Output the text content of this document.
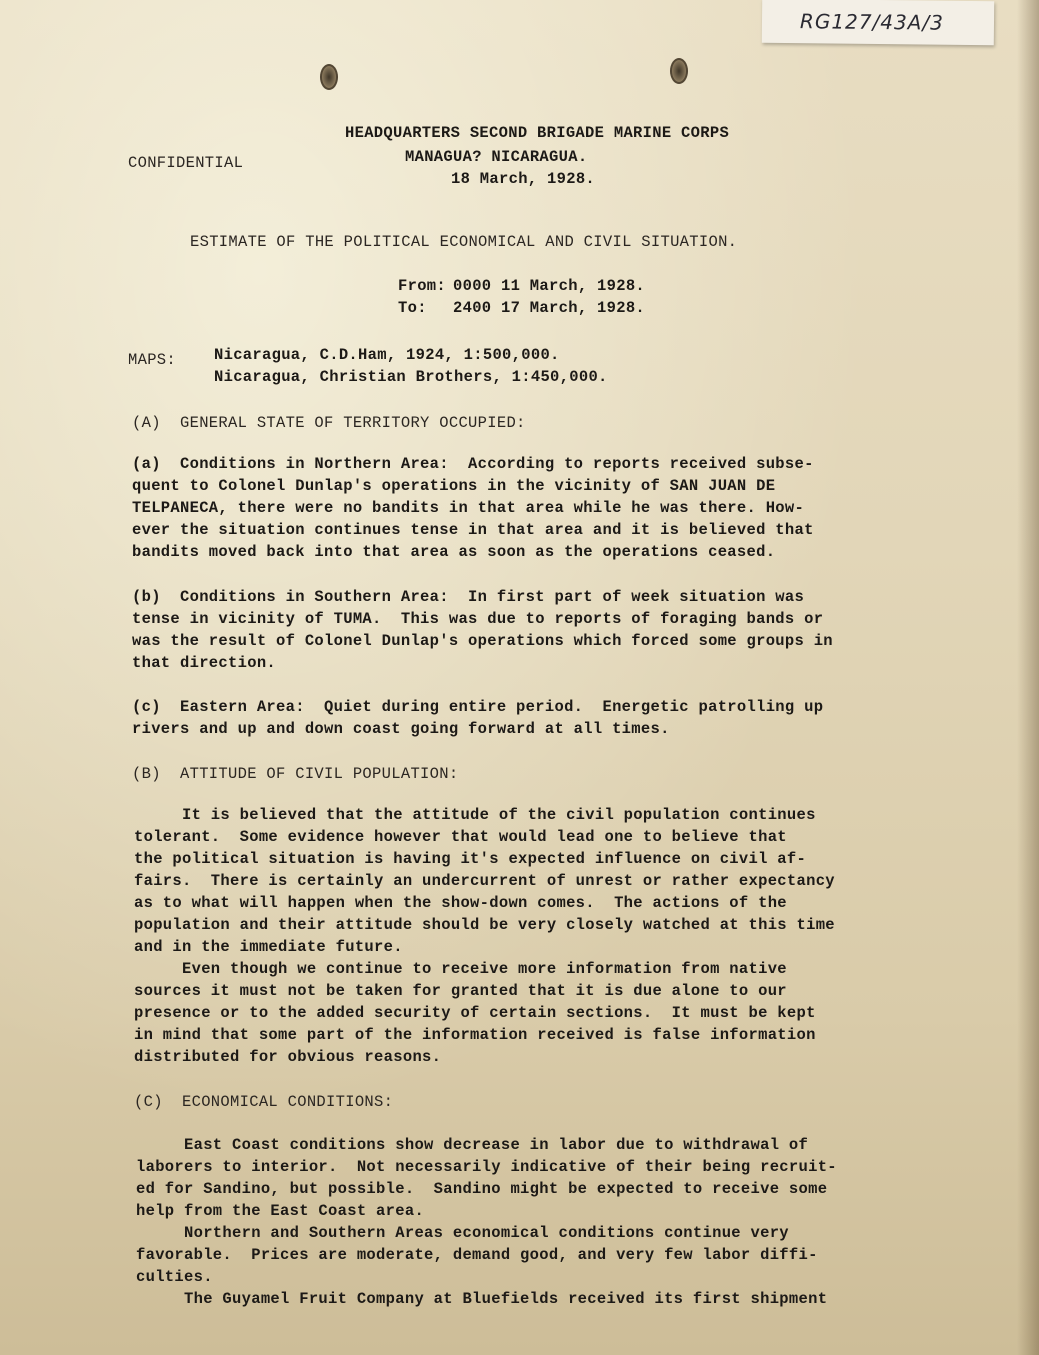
RG127/43A/3
HEADQUARTERS SECOND BRIGADE MARINE CORPS
CONFIDENTIAL	MANAGUA? NICARAGUA.
18 March, 1928.
ESTIMATE OF THE POLITICAL ECONOMICAL AND CIVIL SITUATION.
From: 0000 11 March, 1928.
To: 2400 17 March, 1928.
MAPS: Nicaragua, C.D.Ham, 1924, 1:500,000.
Nicaragua, Christian Brothers, 1:450,000.
(A)  GENERAL STATE OF TERRITORY OCCUPIED:
(a)  Conditions in Northern Area:  According to reports received subse-
quent to Colonel Dunlap's operations in the vicinity of SAN JUAN DE
TELPANECA, there were no bandits in that area while he was there. How-
ever the situation continues tense in that area and it is believed that
bandits moved back into that area as soon as the operations ceased.
(b)  Conditions in Southern Area:  In first part of week situation was
tense in vicinity of TUMA.  This was due to reports of foraging bands or
was the result of Colonel Dunlap's operations which forced some groups in
that direction.
(c)  Eastern Area:  Quiet during entire period.  Energetic patrolling up
rivers and up and down coast going forward at all times.
(B)  ATTITUDE OF CIVIL POPULATION:
It is believed that the attitude of the civil population continues
tolerant.  Some evidence however that would lead one to believe that
the political situation is having it's expected influence on civil af-
fairs.  There is certainly an undercurrent of unrest or rather expectancy
as to what will happen when the show-down comes.  The actions of the
population and their attitude should be very closely watched at this time
and in the immediate future.
Even though we continue to receive more information from native
sources it must not be taken for granted that it is due alone to our
presence or to the added security of certain sections.  It must be kept
in mind that some part of the information received is false information
distributed for obvious reasons.
(C)  ECONOMICAL CONDITIONS:
East Coast conditions show decrease in labor due to withdrawal of
laborers to interior.  Not necessarily indicative of their being recruit-
ed for Sandino, but possible.  Sandino might be expected to receive some
help from the East Coast area.
Northern and Southern Areas economical conditions continue very
favorable.  Prices are moderate, demand good, and very few labor diffi-
culties.
The Guyamel Fruit Company at Bluefields received its first shipment
